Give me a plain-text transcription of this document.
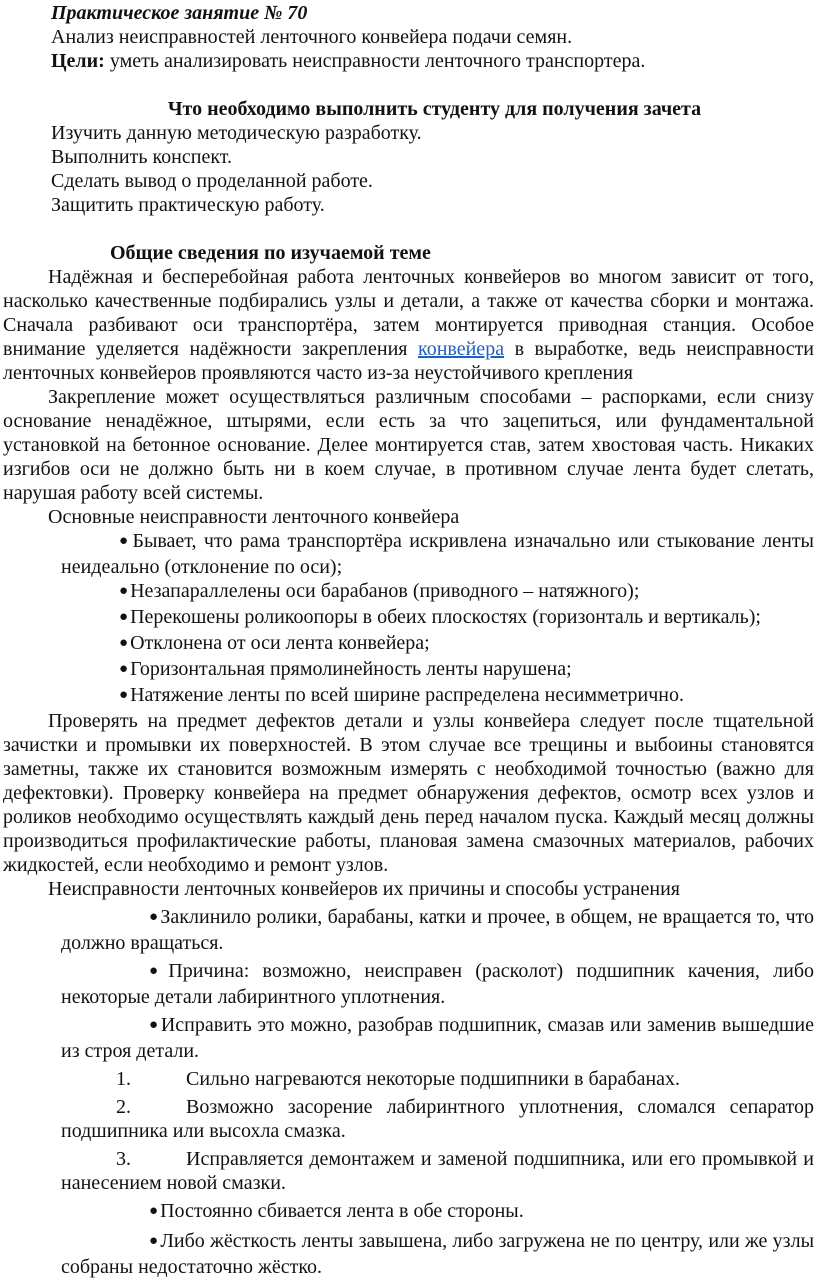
Практическое занятие № 70
Анализ неисправностей ленточного конвейера подачи семян.
Цели: уметь анализировать неисправности ленточного транспортера.
Что необходимо выполнить студенту для получения зачета
Изучить данную методическую разработку.
Выполнить конспект.
Сделать вывод о проделанной работе.
Защитить практическую работу.
Общие сведения по изучаемой теме

Надёжная и бесперебойная работа ленточных конвейеров во многом зависит от того, насколько качественные подбирались узлы и детали, а также от качества сборки и монтажа. Сначала разбивают оси транспортёра, затем монтируется приводная станция. Особое внимание уделяется надёжности закрепления конвейера в выработке, ведь неисправности ленточных конвейеров проявляются часто из-за неустойчивого крепления

Закрепление может осуществляться различным способами – распорками, если снизу основание ненадёжное, штырями, если есть за что зацепиться, или фундаментальной установкой на бетонное основание. Делее монтируется став, затем хвостовая часть. Никаких изгибов оси не должно быть ни в коем случае, в противном случае лента будет слетать, нарушая работу всей системы.

Основные неисправности ленточного конвейера

● Бывает, что рама транспортёра искривлена изначально или стыкование ленты неидеально (отклонение по оси);

● Незапараллелены оси барабанов (приводного – натяжного);

● Перекошены роликоопоры в обеих плоскостях (горизонталь и вертикаль);

● Отклонена от оси лента конвейера;

● Горизонтальная прямолинейность ленты нарушена;

● Натяжение ленты по всей ширине распределена несимметрично.

Проверять на предмет дефектов детали и узлы конвейера следует после тщательной зачистки и промывки их поверхностей. В этом случае все трещины и выбоины становятся заметны, также их становится возможным измерять с необходимой точностью (важно для дефектовки). Проверку конвейера на предмет обнаружения дефектов, осмотр всех узлов и роликов необходимо осуществлять каждый день перед началом пуска. Каждый месяц должны производиться профилактические работы, плановая замена смазочных материалов, рабочих жидкостей, если необходимо и ремонт узлов.

Неисправности ленточных конвейеров их причины и способы устранения

● Заклинило ролики, барабаны, катки и прочее, в общем, не вращается то, что должно вращаться.

● Причина: возможно, неисправен (расколот) подшипник качения, либо некоторые детали лабиринтного уплотнения.

● Исправить это можно, разобрав подшипник, смазав или заменив вышедшие из строя детали.

1.	Сильно нагреваются некоторые подшипники в барабанах.

2.	Возможно засорение лабиринтного уплотнения, сломался сепаратор подшипника или высохла смазка.

3.	Исправляется демонтажем и заменой подшипника, или его промывкой и нанесением новой смазки.

● Постоянно сбивается лента в обе стороны.

● Либо жёсткость ленты завышена, либо загружена не по центру, или же узлы собраны недостаточно жёстко.
